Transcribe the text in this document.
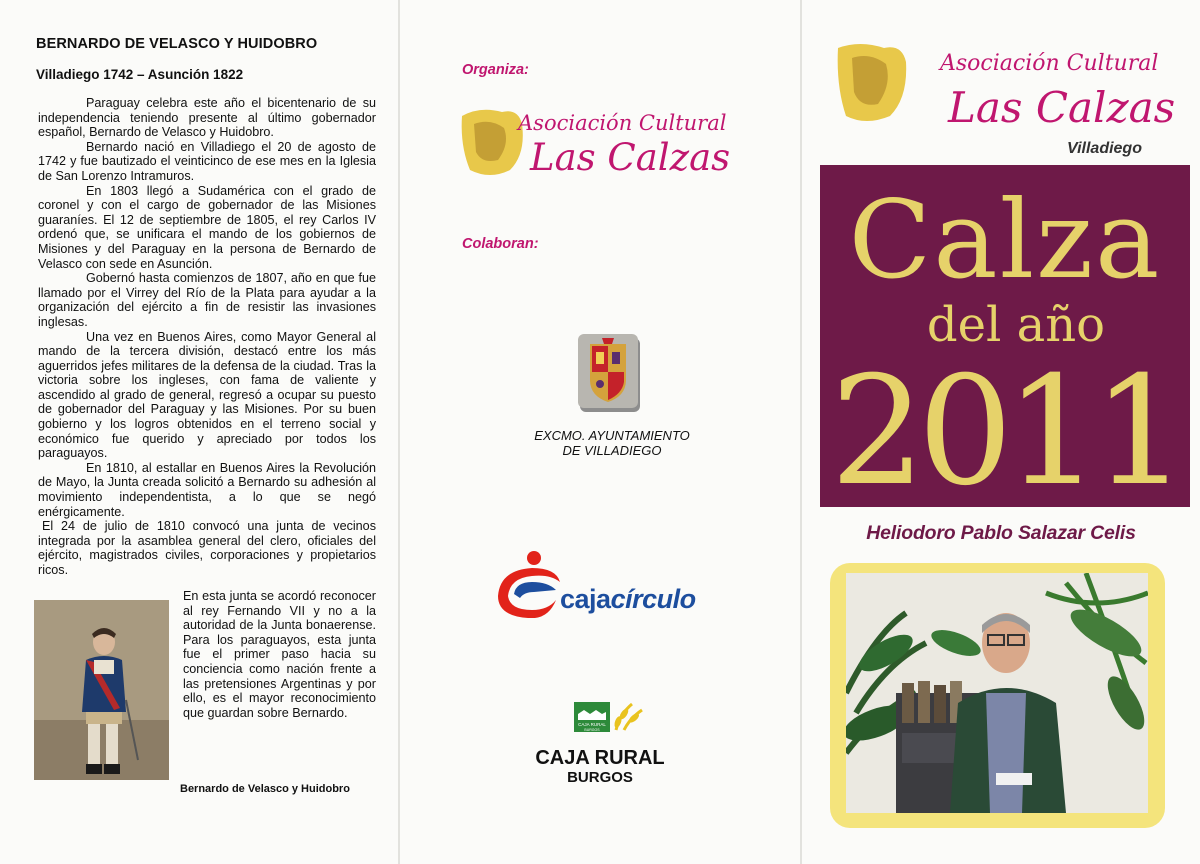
BERNARDO DE VELASCO Y HUIDOBRO
Villadiego 1742 – Asunción 1822

Paraguay celebra este año el bicentenario de su independencia teniendo presente al último gobernador español, Bernardo de Velasco y Huidobro.

Bernardo nació en Villadiego el 20 de agosto de 1742 y fue bautizado el veinticinco de ese mes en la Iglesia de San Lorenzo Intramuros.

En 1803 llegó a Sudamérica con el grado de coronel y con el cargo de gobernador de las Misiones guaraníes. El 12 de septiembre de 1805, el rey Carlos IV ordenó que, se unificara el mando de los gobiernos de Misiones y del Paraguay en la persona de Bernardo de Velasco con sede en Asunción.

Gobernó hasta comienzos de 1807, año en que fue llamado por el Virrey del Río de la Plata para ayudar a la organización del ejército a fin de resistir las invasiones inglesas.

Una vez en Buenos Aires, como Mayor General al mando de la tercera división, destacó entre los más aguerridos jefes militares de la defensa de la ciudad. Tras la victoria sobre los ingleses, con fama de valiente y ascendido al grado de general, regresó a ocupar su puesto de gobernador del Paraguay y las Misiones. Por su buen gobierno y los logros obtenidos en el terreno social y económico fue querido y apreciado por todos los paraguayos.

En 1810, al estallar en Buenos Aires la Revolución de Mayo, la Junta creada solicitó a Bernardo su adhesión al movimiento independentista, a lo que se negó enérgicamente.

El 24 de julio de 1810 convocó una junta de vecinos integrada por la asamblea general del clero, oficiales del ejército, magistrados civiles, corporaciones y propietarios ricos.

En esta junta se acordó reconocer al rey Fernando VII y no a la autoridad de la Junta bonaerense. Para los paraguayos, esta junta fue el primer paso hacia su conciencia como nación frente a las pretensiones Argentinas y por ello, es el mayor reconocimiento que guardan sobre Bernardo.

Bernardo de Velasco y Huidobro
Organiza:
Asociación Cultural
Las Calzas
Colaboran:
EXCMO. AYUNTAMIENTO
DE VILLADIEGO
cajacírculo
CAJA RURAL
BURGOS
CAJA RURAL
BURGOS
Asociación Cultural
Las Calzas
Villadiego
Calza
del año
2011
Heliodoro Pablo Salazar Celis
